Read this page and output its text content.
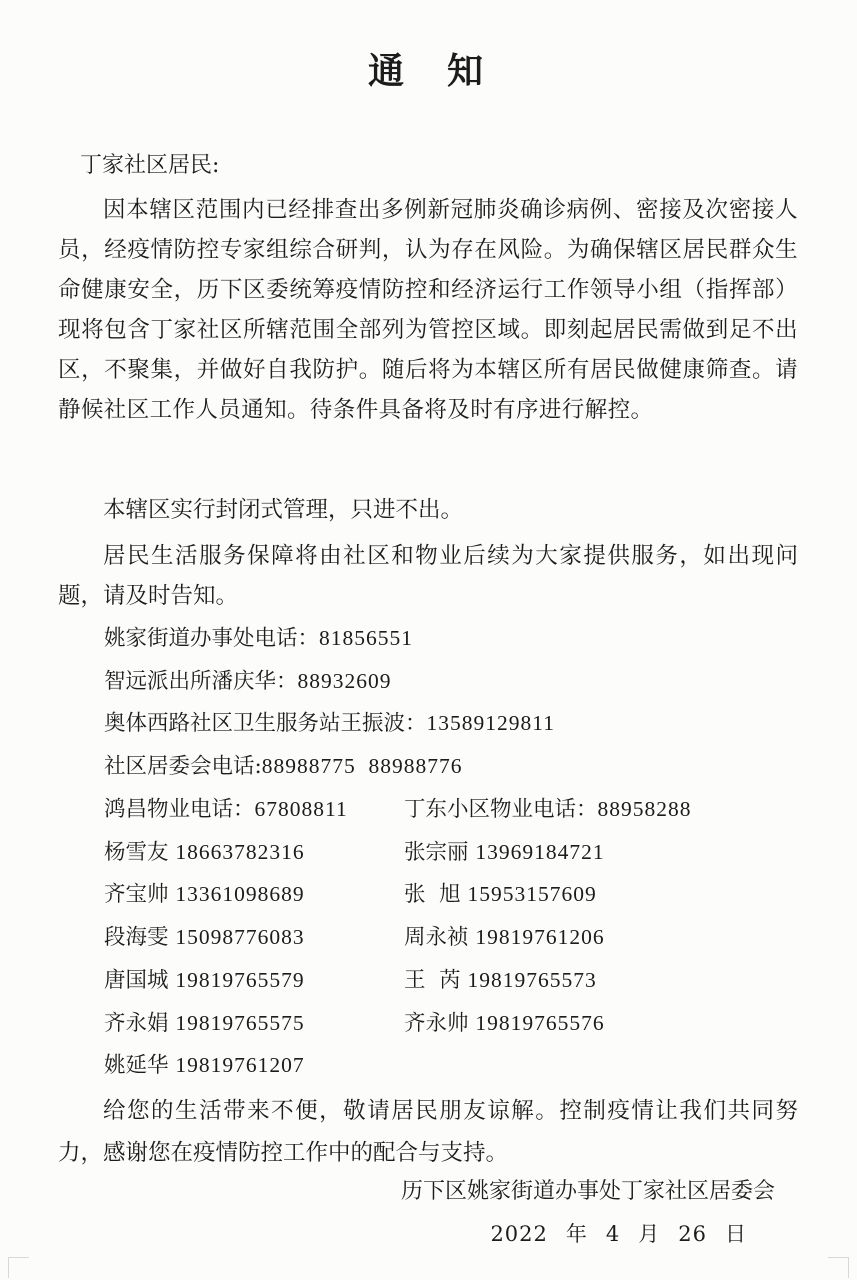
通  知
丁家社区居民:

因本辖区范围内已经排查出多例新冠肺炎确诊病例、密接及次密接人员，经疫情防控专家组综合研判，认为存在风险。为确保辖区居民群众生命健康安全，历下区委统筹疫情防控和经济运行工作领导小组（指挥部）现将包含丁家社区所辖范围全部列为管控区域。即刻起居民需做到足不出区，不聚集，并做好自我防护。随后将为本辖区所有居民做健康筛查。请静候社区工作人员通知。待条件具备将及时有序进行解控。

本辖区实行封闭式管理，只进不出。

居民生活服务保障将由社区和物业后续为大家提供服务，如出现问题，请及时告知。

姚家街道办事处电话：81856551
智远派出所潘庆华：88932609
奥体西路社区卫生服务站王振波：13589129811
社区居委会电话:88988775  88988776
鸿昌物业电话：67808811	丁东小区物业电话：88958288
杨雪友 18663782316	张宗丽 13969184721
齐宝帅 13361098689	张  旭 15953157609
段海雯 15098776083	周永祯 19819761206
唐国城 19819765579	王  芮 19819765573
齐永娟 19819765575	齐永帅 19819765576
姚延华 19819761207

给您的生活带来不便，敬请居民朋友谅解。控制疫情让我们共同努力，感谢您在疫情防控工作中的配合与支持。

历下区姚家街道办事处丁家社区居委会
2022 年 4 月 26 日
